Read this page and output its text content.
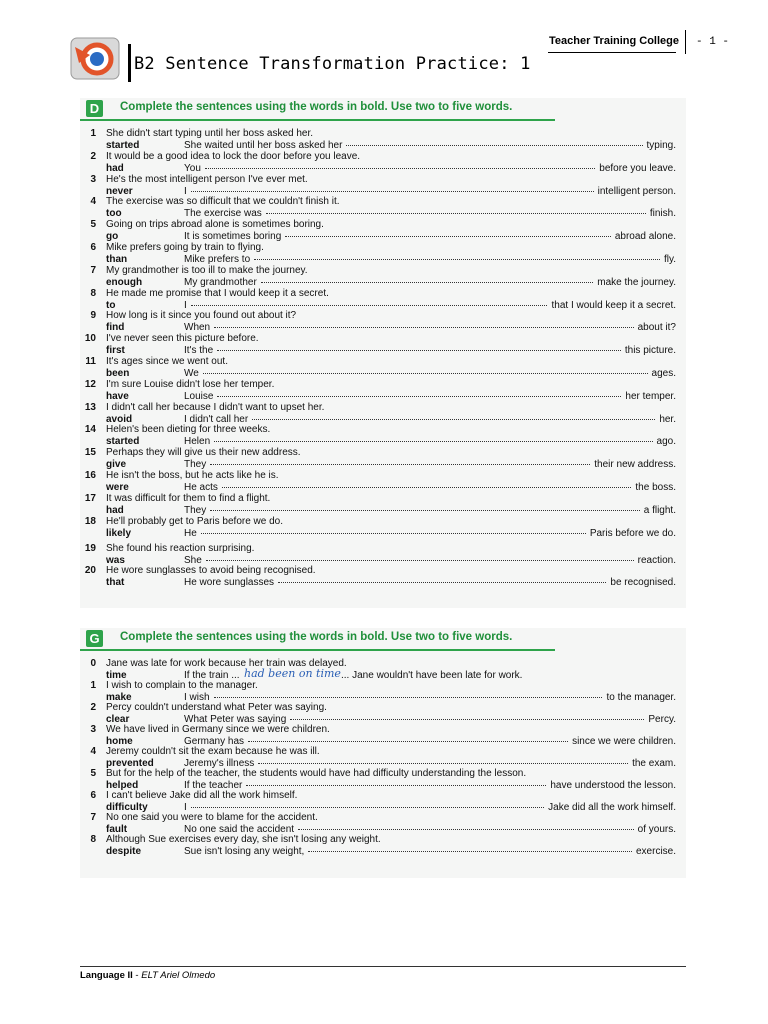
B2 Sentence Transformation Practice: 1
Teacher Training College - 1 -
D	Complete the sentences using the words in bold. Use two to five words.
1 She didn't start typing until her boss asked her.
started	She waited until her boss asked her	typing.
2 It would be a good idea to lock the door before you leave.
had	You	before you leave.
3 He's the most intelligent person I've ever met.
never	I	intelligent person.
4 The exercise was so difficult that we couldn't finish it.
too	The exercise was	finish.
5 Going on trips abroad alone is sometimes boring.
go	It is sometimes boring	abroad alone.
6 Mike prefers going by train to flying.
than	Mike prefers to	fly.
7 My grandmother is too ill to make the journey.
enough	My grandmother	make the journey.
8 He made me promise that I would keep it a secret.
to	I	that I would keep it a secret.
9 How long is it since you found out about it?
find	When	about it?
10 I've never seen this picture before.
first	It's the	this picture.
11 It's ages since we went out.
been	We	ages.
12 I'm sure Louise didn't lose her temper.
have	Louise	her temper.
13 I didn't call her because I didn't want to upset her.
avoid	I didn't call her	her.
14 Helen's been dieting for three weeks.
started	Helen	ago.
15 Perhaps they will give us their new address.
give	They	their new address.
16 He isn't the boss, but he acts like he is.
were	He acts	the boss.
17 It was difficult for them to find a flight.
had	They	a flight.
18 He'll probably get to Paris before we do.
likely	He	Paris before we do.
19 She found his reaction surprising.
was	She	reaction.
20 He wore sunglasses to avoid being recognised.
that	He wore sunglasses	be recognised.
G Complete the sentences using the words in bold. Use two to five words.
0 Jane was late for work because her train was delayed.
time	If the train ... had been on time ... Jane wouldn't have been late for work.
1 I wish to complain to the manager.
make	I wish	to the manager.
2 Percy couldn't understand what Peter was saying.
clear	What Peter was saying	Percy.
3 We have lived in Germany since we were children.
home	Germany has	since we were children.
4 Jeremy couldn't sit the exam because he was ill.
prevented	Jeremy's illness	the exam.
5 But for the help of the teacher, the students would have had difficulty understanding the lesson.
helped	If the teacher	have understood the lesson.
6 I can't believe Jake did all the work himself.
difficulty	I	Jake did all the work himself.
7 No one said you were to blame for the accident.
fault	No one said the accident	of yours.
8 Although Sue exercises every day, she isn't losing any weight.
despite	Sue isn't losing any weight,	exercise.
Language II - ELT Ariel Olmedo
